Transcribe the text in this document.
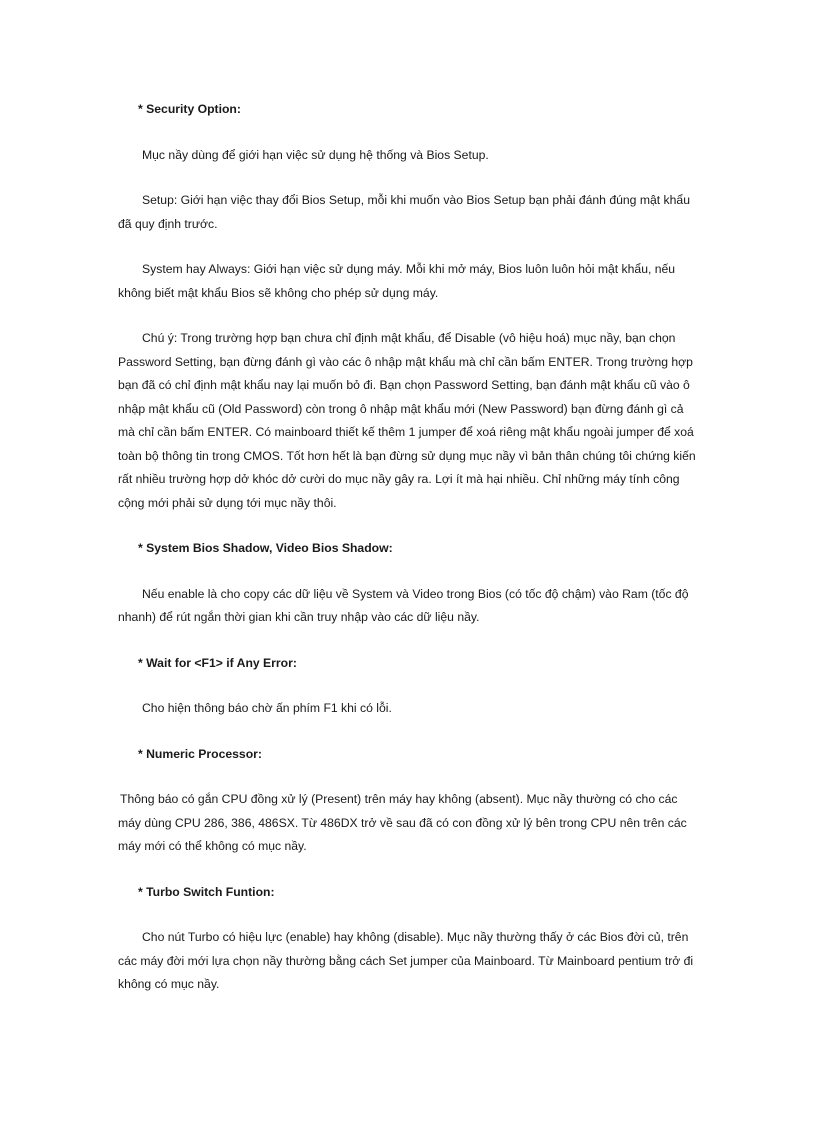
* Security Option:

Mục nầy dùng để giới hạn việc sử dụng hệ thống và Bios Setup.

Setup: Giới hạn việc thay đổi Bios Setup, mỗi khi muốn vào Bios Setup bạn phải đánh đúng mật khẩu đã quy định trước.

System hay Always: Giới hạn việc sử dụng máy. Mỗi khi mở máy, Bios luôn luôn hỏi mật khẩu, nếu không biết mật khẩu Bios sẽ không cho phép sử dụng máy.

Chú ý: Trong trường hợp bạn chưa chỉ định mật khẩu, để Disable (vô hiệu hoá) mục nầy, bạn chọn Password Setting, bạn đừng đánh gì vào các ô nhập mật khẩu mà chỉ cần bấm ENTER. Trong trường hợp bạn đã có chỉ định mật khẩu nay lại muốn bỏ đi. Bạn chọn Password Setting, bạn đánh mật khẩu cũ vào ô nhập mật khẩu cũ (Old Password) còn trong ô nhập mật khẩu mới (New Password) bạn đừng đánh gì cả mà chỉ cần bấm ENTER. Có mainboard thiết kế thêm 1 jumper để xoá riêng mật khẩu ngoài jumper để xoá toàn bộ thông tin trong CMOS. Tốt hơn hết là bạn đừng sử dụng mục nầy vì bản thân chúng tôi chứng kiến rất nhiều trường hợp dở khóc dở cười do mục nầy gây ra. Lợi ít mà hại nhiều. Chỉ những máy tính công cộng mới phải sử dụng tới mục nầy thôi.

* System Bios Shadow, Video Bios Shadow:

Nếu enable là cho copy các dữ liệu về System và Video trong Bios (có tốc độ chậm) vào Ram (tốc độ nhanh) để rút ngắn thời gian khi cần truy nhập vào các dữ liệu nầy.

* Wait for <F1> if Any Error:

Cho hiện thông báo chờ ấn phím F1 khi có lỗi.

* Numeric Processor:

Thông báo có gắn CPU đồng xử lý (Present) trên máy hay không (absent). Mục nầy thường có cho các máy dùng CPU 286, 386, 486SX. Từ 486DX trở về sau đã có con đồng xử lý bên trong CPU nên trên các máy mới có thể không có mục nầy.

* Turbo Switch Funtion:

Cho nút Turbo có hiệu lực (enable) hay không (disable). Mục nầy thường thấy ở các Bios đời củ, trên các máy đời mới lựa chọn nầy thường bằng cách Set jumper của Mainboard. Từ Mainboard pentium trở đi không có mục nầy.
